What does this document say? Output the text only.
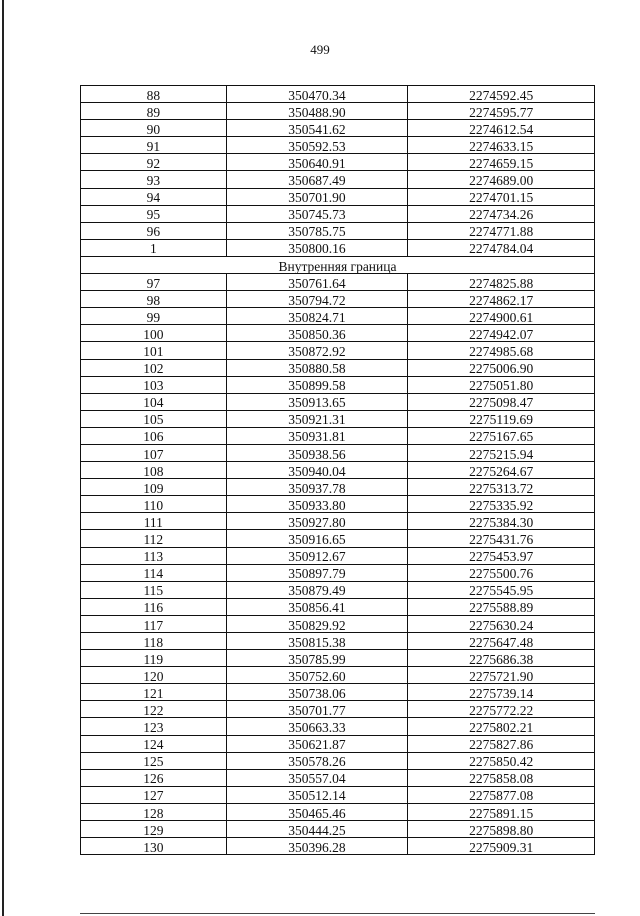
499
88	350470.34	2274592.45
89	350488.90	2274595.77
90	350541.62	2274612.54
91	350592.53	2274633.15
92	350640.91	2274659.15
93	350687.49	2274689.00
94	350701.90	2274701.15
95	350745.73	2274734.26
96	350785.75	2274771.88
1	350800.16	2274784.04
Внутренняя граница		
97	350761.64	2274825.88
98	350794.72	2274862.17
99	350824.71	2274900.61
100	350850.36	2274942.07
101	350872.92	2274985.68
102	350880.58	2275006.90
103	350899.58	2275051.80
104	350913.65	2275098.47
105	350921.31	2275119.69
106	350931.81	2275167.65
107	350938.56	2275215.94
108	350940.04	2275264.67
109	350937.78	2275313.72
110	350933.80	2275335.92
111	350927.80	2275384.30
112	350916.65	2275431.76
113	350912.67	2275453.97
114	350897.79	2275500.76
115	350879.49	2275545.95
116	350856.41	2275588.89
117	350829.92	2275630.24
118	350815.38	2275647.48
119	350785.99	2275686.38
120	350752.60	2275721.90
121	350738.06	2275739.14
122	350701.77	2275772.22
123	350663.33	2275802.21
124	350621.87	2275827.86
125	350578.26	2275850.42
126	350557.04	2275858.08
127	350512.14	2275877.08
128	350465.46	2275891.15
129	350444.25	2275898.80
130	350396.28	2275909.31
